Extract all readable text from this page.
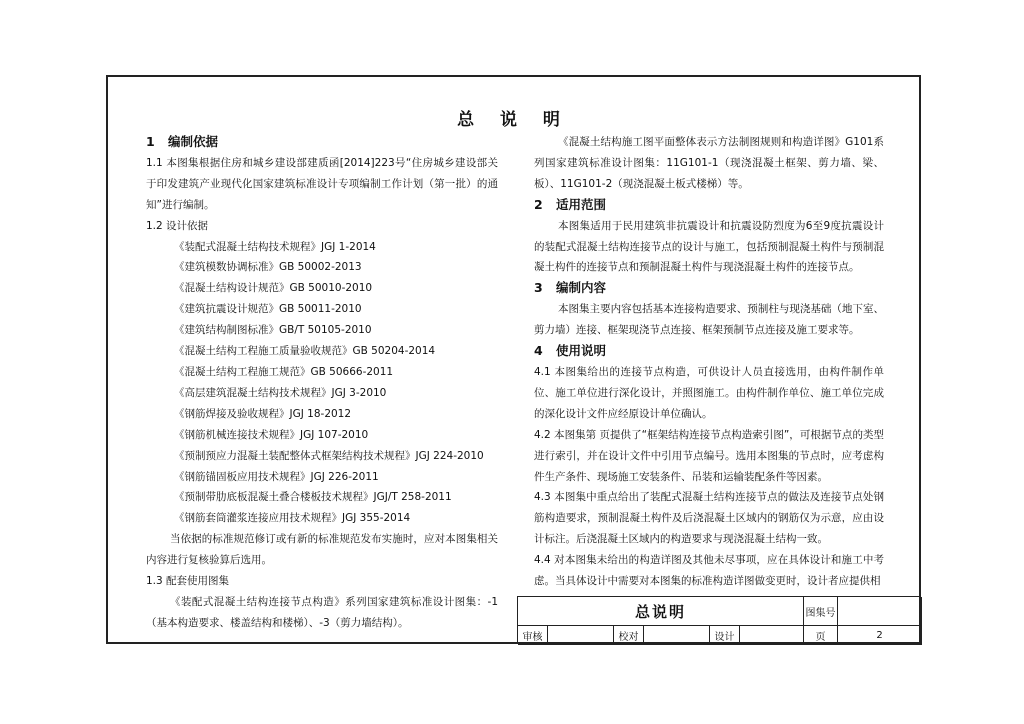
总 说 明
1 编制依据

1.1 本图集根据住房和城乡建设部建质函[2014]223号“住房城乡建设部关于印发建筑产业现代化国家建筑标准设计专项编制工作计划（第一批）的通知”进行编制。

1.2 设计依据

《装配式混凝土结构技术规程》JGJ 1-2014

《建筑模数协调标准》GB 50002-2013

《混凝土结构设计规范》GB 50010-2010

《建筑抗震设计规范》GB 50011-2010

《建筑结构制图标准》GB/T 50105-2010

《混凝土结构工程施工质量验收规范》GB 50204-2014

《混凝土结构工程施工规范》GB 50666-2011

《高层建筑混凝土结构技术规程》JGJ 3-2010

《钢筋焊接及验收规程》JGJ 18-2012

《钢筋机械连接技术规程》JGJ 107-2010

《预制预应力混凝土装配整体式框架结构技术规程》JGJ 224-2010

《钢筋锚固板应用技术规程》JGJ 226-2011

《预制带肋底板混凝土叠合楼板技术规程》JGJ/T 258-2011

《钢筋套筒灌浆连接应用技术规程》JGJ 355-2014

当依据的标准规范修订或有新的标准规范发布实施时，应对本图集相关内容进行复核验算后选用。

1.3 配套使用图集

《装配式混凝土结构连接节点构造》系列国家建筑标准设计图集：-1（基本构造要求、楼盖结构和楼梯）、-3（剪力墙结构）。

《混凝土结构施工图平面整体表示方法制图规则和构造详图》G101系列国家建筑标准设计图集：11G101-1（现浇混凝土框架、剪力墙、梁、板）、11G101-2（现浇混凝土板式楼梯）等。

2 适用范围

本图集适用于民用建筑非抗震设计和抗震设防烈度为6至9度抗震设计的装配式混凝土结构连接节点的设计与施工，包括预制混凝土构件与预制混凝土构件的连接节点和预制混凝土构件与现浇混凝土构件的连接节点。

3 编制内容

本图集主要内容包括基本连接构造要求、预制柱与现浇基础（地下室、剪力墙）连接、框架现浇节点连接、框架预制节点连接及施工要求等。

4 使用说明

4.1 本图集给出的连接节点构造，可供设计人员直接选用，由构件制作单位、施工单位进行深化设计，并照图施工。由构件制作单位、施工单位完成的深化设计文件应经原设计单位确认。

4.2 本图集第 页提供了“框架结构连接节点构造索引图”，可根据节点的类型进行索引，并在设计文件中引用节点编号。选用本图集的节点时，应考虑构件生产条件、现场施工安装条件、吊装和运输装配条件等因素。

4.3 本图集中重点给出了装配式混凝土结构连接节点的做法及连接节点处钢筋构造要求，预制混凝土构件及后浇混凝土区域内的钢筋仅为示意，应由设计标注。后浇混凝土区域内的构造要求与现浇混凝土结构一致。

4.4 对本图集未给出的构造详图及其他未尽事项，应在具体设计和施工中考虑。当具体设计中需要对本图集的标准构造详图做变更时，设计者应提供相

总说明	图集号
审核	校对	设计	页	2
